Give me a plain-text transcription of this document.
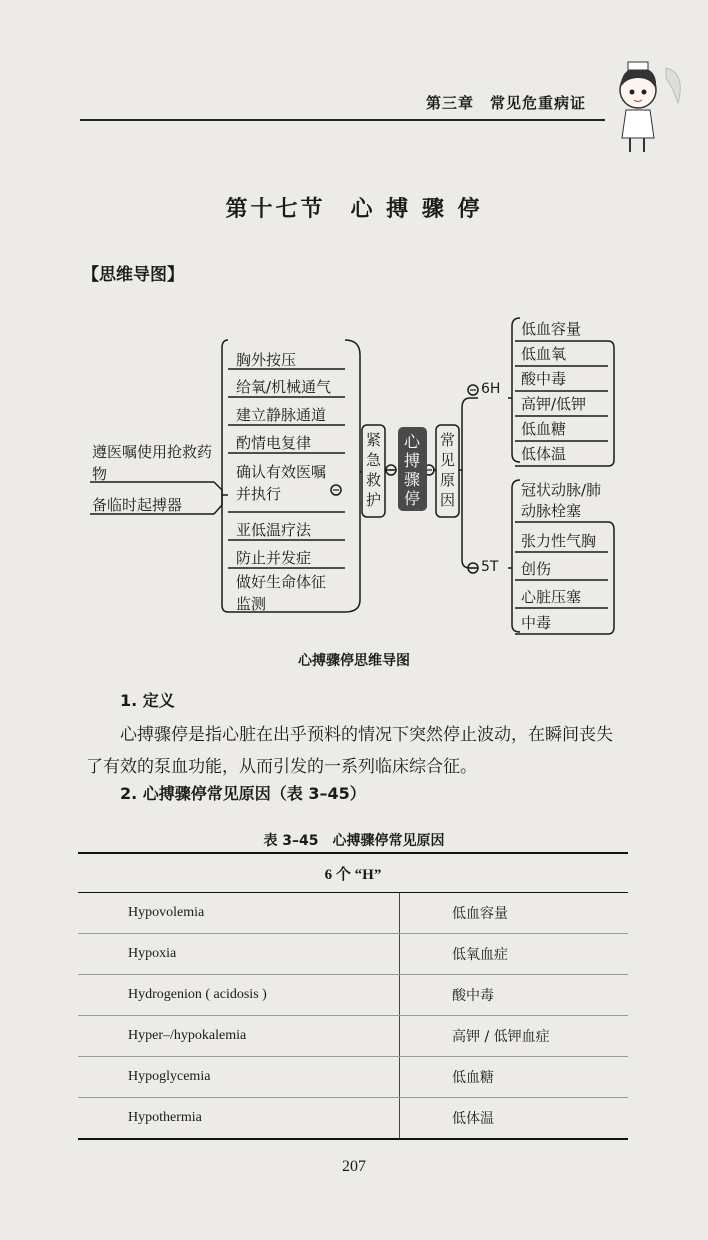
第三章　常见危重病证
第十七节　心 搏 骤 停
【思维导图】
胸外按压
给氧/机械通气
建立静脉通道
酌情电复律
确认有效医嘱并执行
亚低温疗法
防止并发症
做好生命体征监测
遵医嘱使用抢救药物
备临时起搏器
紧急救护
心搏骤停
常见原因
6H
5T
低血容量
低血氧
酸中毒
高钾/低钾
低血糖
低体温
冠状动脉/肺动脉栓塞
张力性气胸
创伤
心脏压塞
中毒
心搏骤停思维导图
1. 定义
心搏骤停是指心脏在出乎预料的情况下突然停止波动，在瞬间丧失了有效的泵血功能，从而引发的一系列临床综合征。
2. 心搏骤停常见原因（表 3–45）
表 3–45　心搏骤停常见原因
6 个 “H”	
Hypovolemia	低血容量
Hypoxia	低氧血症
Hydrogenion ( acidosis )	酸中毒
Hyper–/hypokalemia	高钾 / 低钾血症
Hypoglycemia	低血糖
Hypothermia	低体温
207
